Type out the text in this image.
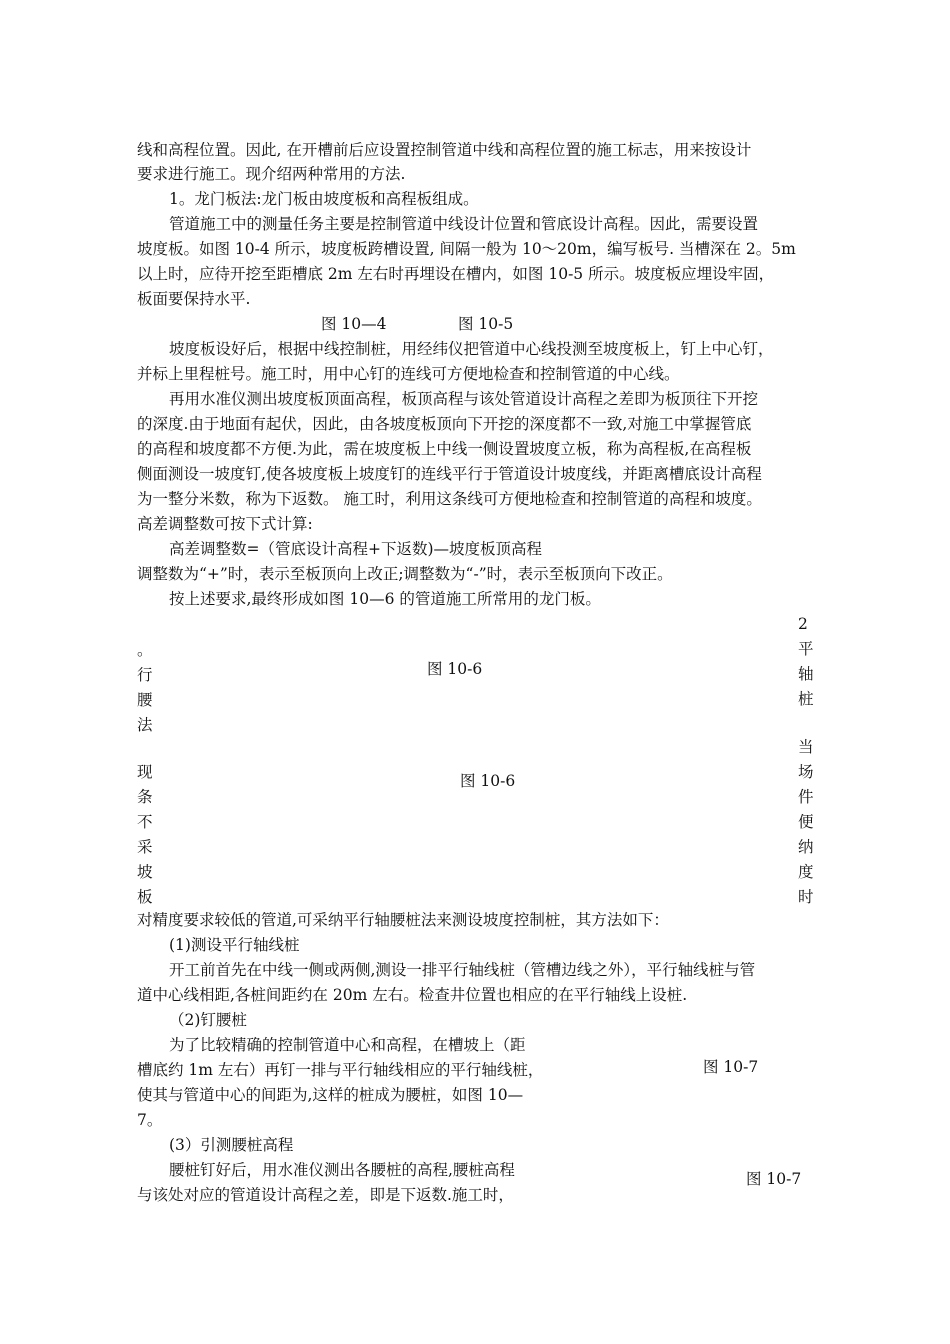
线和高程位置。因此, 在开槽前后应设置控制管道中线和高程位置的施工标志，用来按设计
要求进行施工。现介绍两种常用的方法.
1。龙门板法:龙门板由坡度板和高程板组成。
管道施工中的测量任务主要是控制管道中线设计位置和管底设计高程。因此，需要设置
坡度板。如图 10-4 所示，坡度板跨槽设置, 间隔一般为 10～20m，编写板号. 当槽深在 2。5m
以上时，应待开挖至距槽底 2m 左右时再埋设在槽内，如图 10-5 所示。坡度板应埋设牢固，
板面要保持水平.
图 10—4	图 10-5
坡度板设好后，根据中线控制桩，用经纬仪把管道中心线投测至坡度板上，钉上中心钉，
并标上里程桩号。施工时，用中心钉的连线可方便地检查和控制管道的中心线。
再用水准仪测出坡度板顶面高程，板顶高程与该处管道设计高程之差即为板顶往下开挖
的深度.由于地面有起伏，因此，由各坡度板顶向下开挖的深度都不一致,对施工中掌握管底
的高程和坡度都不方便.为此，需在坡度板上中线一侧设置坡度立板，称为高程板,在高程板
侧面测设一坡度钉,使各坡度板上坡度钉的连线平行于管道设计坡度线，并距离槽底设计高程
为一整分米数，称为下返数。 施工时，利用这条线可方便地检查和控制管道的高程和坡度。
高差调整数可按下式计算:
高差调整数=（管底设计高程+下返数)—坡度板顶高程
调整数为“+”时，表示至板顶向上改正;调整数为“-”时，表示至板顶向下改正。
按上述要求,最终形成如图 10—6 的管道施工所常用的龙门板。
。行腰法
现条不采坡板
2平轴桩
当场件便纳度时
图 10-6
图 10-6
对精度要求较低的管道,可采纳平行轴腰桩法来测设坡度控制桩，其方法如下：
(1)测设平行轴线桩
开工前首先在中线一侧或两侧,测设一排平行轴线桩（管槽边线之外），平行轴线桩与管
道中心线相距,各桩间距约在 20m 左右。检查井位置也相应的在平行轴线上设桩.
（2)钉腰桩
为了比较精确的控制管道中心和高程，在槽坡上（距
槽底约 1m 左右）再钉一排与平行轴线相应的平行轴线桩，
使其与管道中心的间距为,这样的桩成为腰桩，如图 10—
7。
图 10-7
(3）引测腰桩高程
腰桩钉好后，用水准仪测出各腰桩的高程,腰桩高程
与该处对应的管道设计高程之差，即是下返数.施工时，
图 10-7
